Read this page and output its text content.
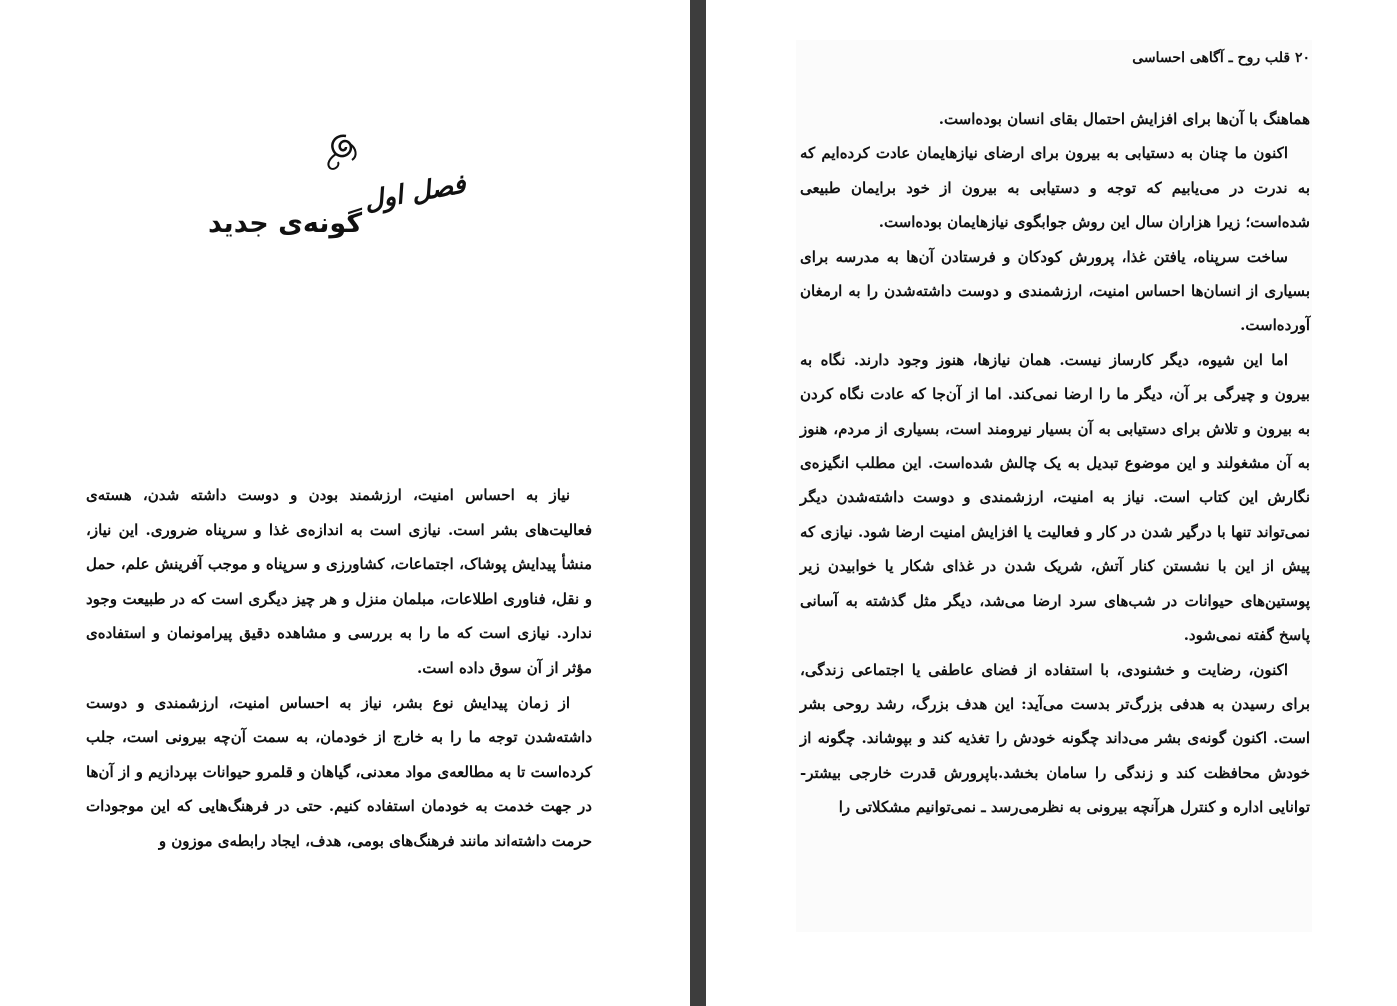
فصل اول
گونه‌ی جدید

نیاز به احساس امنیت، ارزشمند بودن و دوست داشته شدن، هسته‌ی فعالیت‌های بشر است. نیازی است به اندازه‌ی غذا و سرپناه ضروری. این نیاز، منشأ پیدایش پوشاک، اجتماعات، کشاورزی و سرپناه و موجب آفرینش علم، حمل و نقل، فناوری اطلاعات، مبلمان منزل و هر چیز دیگری است که در طبیعت وجود ندارد. نیازی است که ما را به بررسی و مشاهده دقیق پیرامونمان و استفاده‌ی مؤثر از آن سوق داده است.

از زمان پیدایش نوع بشر، نیاز به احساس امنیت، ارزشمندی و دوست داشته‌شدن توجه ما را به خارج از خودمان، به سمت آن‌چه بیرونی است، جلب کرده‌است تا به مطالعه‌ی مواد معدنی، گیاهان و قلمرو حیوانات بپردازیم و از آن‌ها در جهت خدمت به خودمان استفاده کنیم. حتی در فرهنگ‌هایی که این موجودات حرمت داشته‌اند مانند فرهنگ‌های بومی، هدف، ایجاد رابطه‌ی موزون و

۲۰ قلب روح ـ آگاهی احساسی

هماهنگ با آن‌ها برای افزایش احتمال بقای انسان بوده‌است.

اکنون ما چنان به دستیابی به بیرون برای ارضای نیازهایمان عادت کرده‌ایم که به ندرت در می‌یابیم که توجه و دستیابی به بیرون از خود برایمان طبیعی شده‌است؛ زیرا هزاران سال این روش جوابگوی نیازهایمان بوده‌است.

ساخت سرپناه، یافتن غذا، پرورش کودکان و فرستادن آن‌ها به مدرسه برای بسیاری از انسان‌ها احساس امنیت، ارزشمندی و دوست داشته‌شدن را به ارمغان آورده‌است.

اما این شیوه، دیگر کارساز نیست. همان نیازها، هنوز وجود دارند. نگاه به بیرون و چیرگی بر آن، دیگر ما را ارضا نمی‌کند. اما از آن‌جا که عادت نگاه کردن به بیرون و تلاش برای دستیابی به آن بسیار نیرومند است، بسیاری از مردم، هنوز به آن مشغولند و این موضوع تبدیل به یک چالش شده‌است. این مطلب انگیزه‌ی نگارش این کتاب است. نیاز به امنیت، ارزشمندی و دوست داشته‌شدن دیگر نمی‌تواند تنها با درگیر شدن در کار و فعالیت یا افزایش امنیت ارضا شود. نیازی که پیش از این با نشستن کنار آتش، شریک شدن در غذای شکار یا خوابیدن زیر پوستین‌های حیوانات در شب‌های سرد ارضا می‌شد، دیگر مثل گذشته به آسانی پاسخ گفته نمی‌شود.

اکنون، رضایت و خشنودی، با استفاده از فضای عاطفی یا اجتماعی زندگی، برای رسیدن به هدفی بزرگ‌تر بدست می‌آید: این هدف بزرگ، رشد روحی بشر است. اکنون گونه‌ی بشر می‌داند چگونه خودش را تغذیه کند و بپوشاند. چگونه از خودش محافظت کند و زندگی را سامان بخشد.باپرورش قدرت خارجی بیشتر-توانایی اداره و کنترل هرآنچه بیرونی به نظرمی‌رسد ـ نمی‌توانیم مشکلاتی را
